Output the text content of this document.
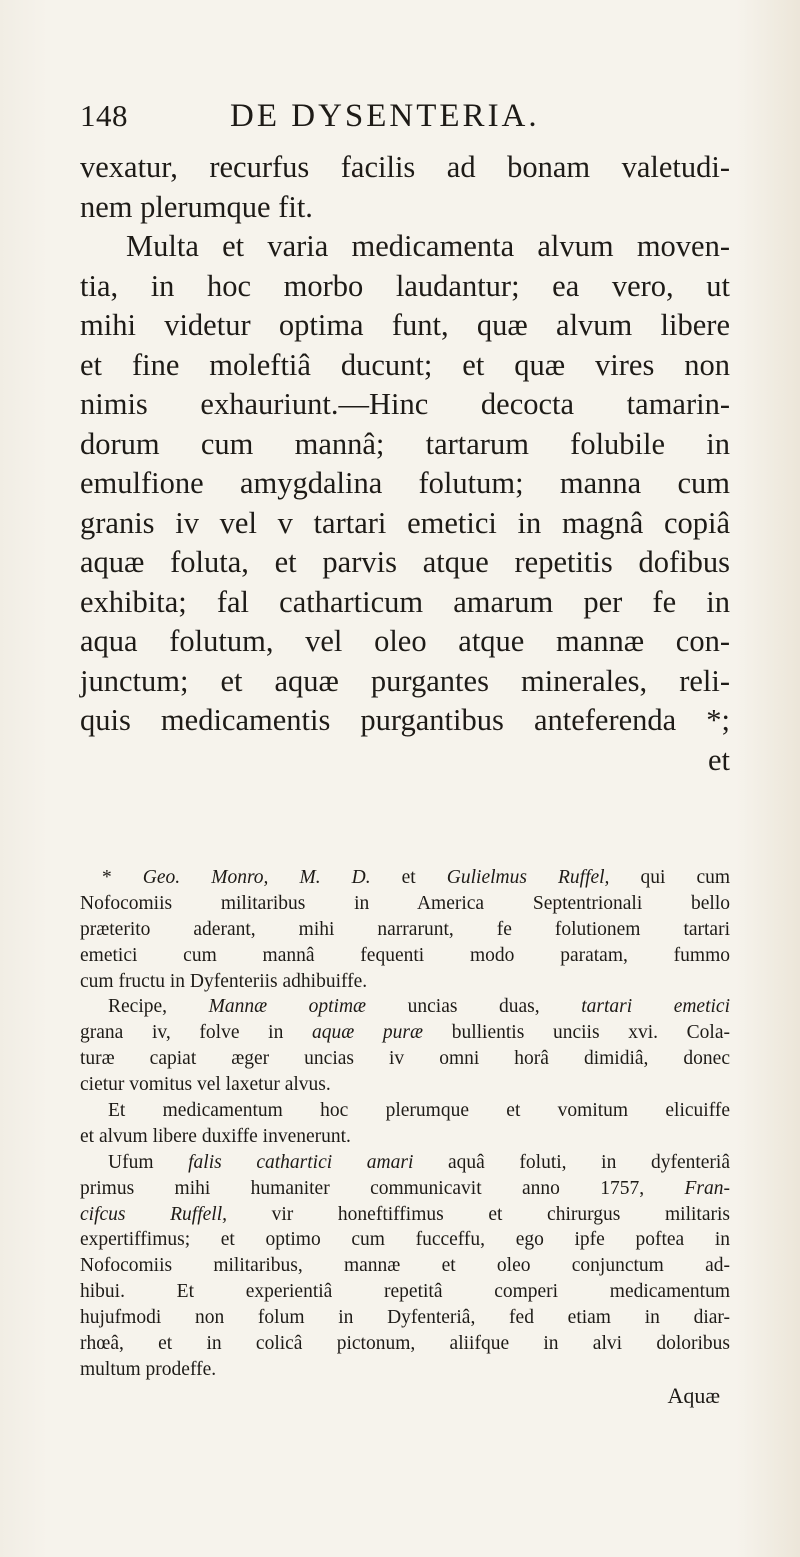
148	DE DYSENTERIA.
vexatur, recurfus facilis ad bonam valetudi-
nem plerumque fit.
Multa et varia medicamenta alvum moven-
tia, in hoc morbo laudantur; ea vero, ut
mihi videtur optima funt, quæ alvum libere
et fine moleftiâ ducunt; et quæ vires non
nimis exhauriunt.—Hinc decocta tamarin-
dorum cum mannâ; tartarum folubile in
emulfione amygdalina folutum; manna cum
granis iv vel v tartari emetici in magnâ copiâ
aquæ foluta, et parvis atque repetitis dofibus
exhibita; fal catharticum amarum per fe in
aqua folutum, vel oleo atque mannæ con-
junctum; et aquæ purgantes minerales, reli-
quis medicamentis purgantibus anteferenda *;
et
* Geo. Monro, M. D. et Gulielmus Ruffel, qui cum
Nofocomiis militaribus in America Septentrionali bello
præterito aderant, mihi narrarunt, fe folutionem tartari
emetici cum mannâ fequenti modo paratam, fummo
cum fructu in Dyfenteriis adhibuiffe.
Recipe, Mannæ optimæ uncias duas, tartari emetici
grana iv, folve in aquæ puræ bullientis unciis xvi. Cola-
turæ capiat æger uncias iv omni horâ dimidiâ, donec
cietur vomitus vel laxetur alvus.
Et medicamentum hoc plerumque et vomitum elicuiffe
et alvum libere duxiffe invenerunt.
Ufum falis cathartici amari aquâ foluti, in dyfenteriâ
primus mihi humaniter communicavit anno 1757, Fran-
cifcus Ruffell, vir honeftiffimus et chirurgus militaris
expertiffimus; et optimo cum fucceffu, ego ipfe poftea in
Nofocomiis militaribus, mannæ et oleo conjunctum ad-
hibui. Et experientiâ repetitâ comperi medicamentum
hujufmodi non folum in Dyfenteriâ, fed etiam in diar-
rhœâ, et in colicâ pictonum, aliifque in alvi doloribus
multum prodeffe.
Aquæ
